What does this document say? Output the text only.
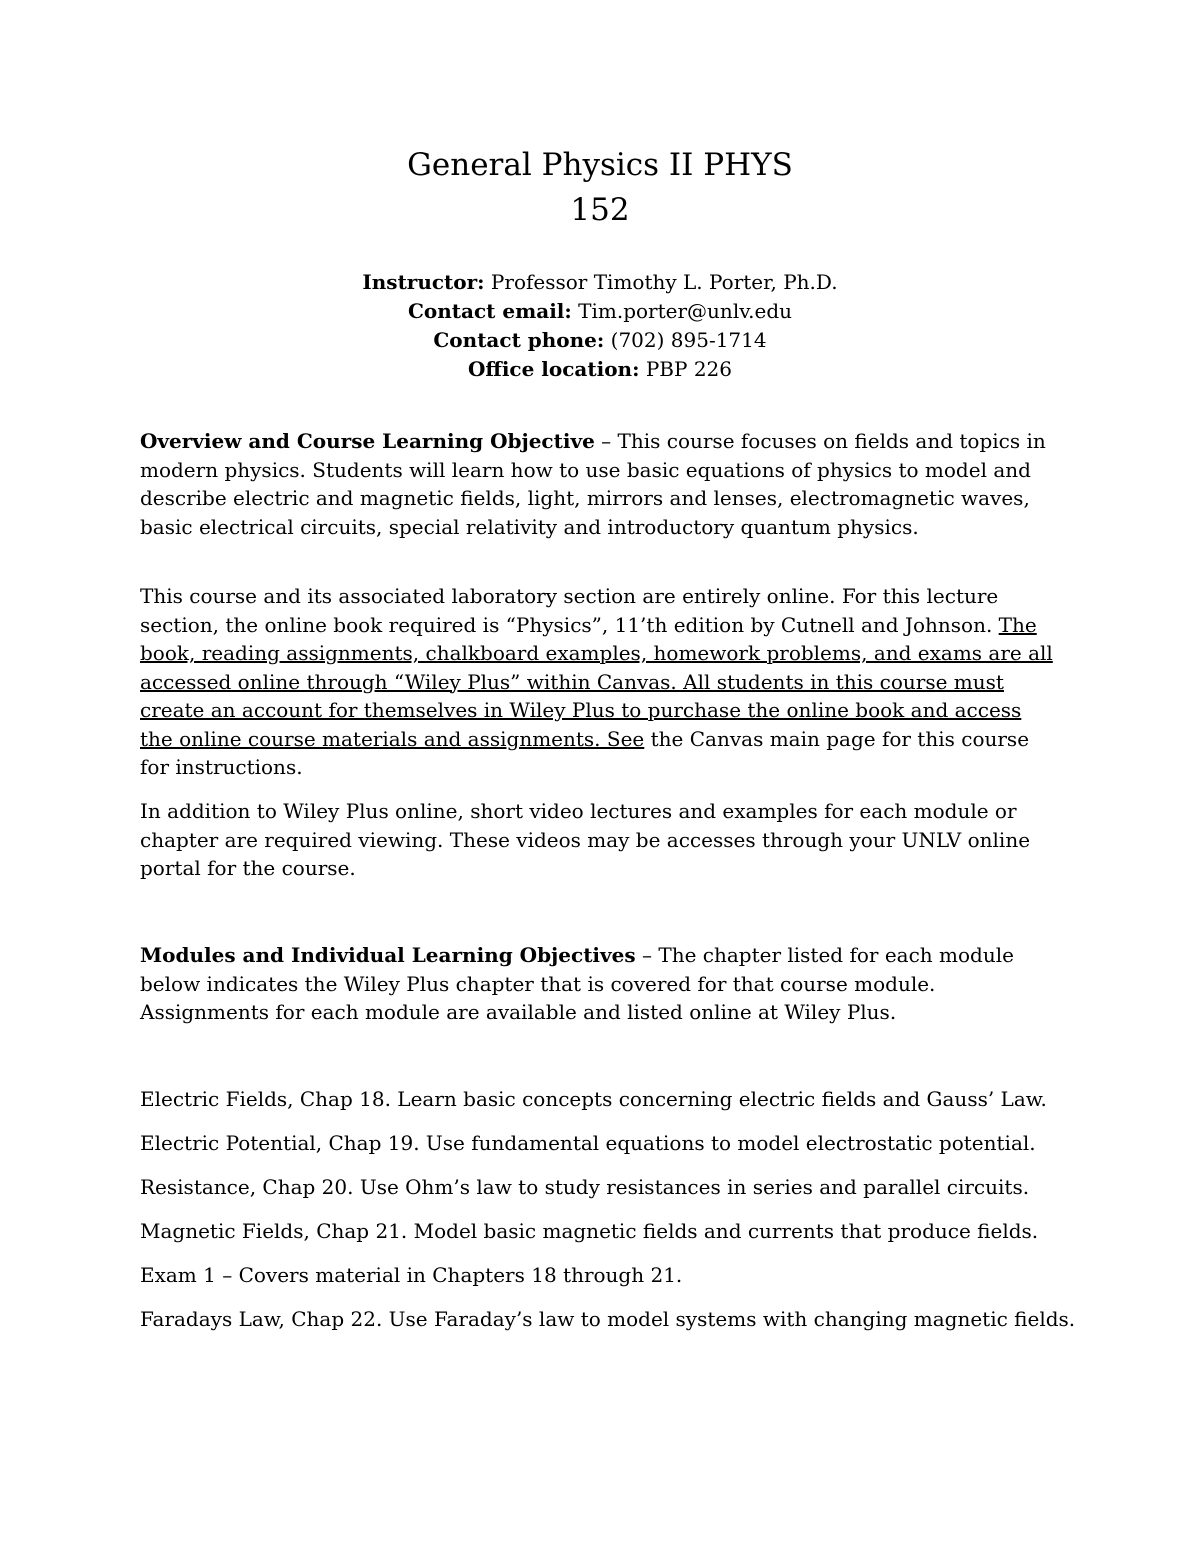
General Physics II PHYS
152
Instructor: Professor Timothy L. Porter, Ph.D.
Contact email: Tim.porter@unlv.edu
Contact phone: (702) 895-1714
Office location: PBP 226

Overview and Course Learning Objective – This course focuses on fields and topics in modern physics. Students will learn how to use basic equations of physics to model and describe electric and magnetic fields, light, mirrors and lenses, electromagnetic waves, basic electrical circuits, special relativity and introductory quantum physics.

This course and its associated laboratory section are entirely online. For this lecture section, the online book required is “Physics”, 11’th edition by Cutnell and Johnson. The book, reading assignments, chalkboard examples, homework problems, and exams are all accessed online through “Wiley Plus” within Canvas. All students in this course must create an account for themselves in Wiley Plus to purchase the online book and access the online course materials and assignments. See the Canvas main page for this course for instructions.

In addition to Wiley Plus online, short video lectures and examples for each module or chapter are required viewing. These videos may be accesses through your UNLV online portal for the course.

Modules and Individual Learning Objectives – The chapter listed for each module below indicates the Wiley Plus chapter that is covered for that course module. Assignments for each module are available and listed online at Wiley Plus.

Electric Fields, Chap 18. Learn basic concepts concerning electric fields and Gauss’ Law.

Electric Potential, Chap 19. Use fundamental equations to model electrostatic potential.

Resistance, Chap 20. Use Ohm’s law to study resistances in series and parallel circuits.

Magnetic Fields, Chap 21. Model basic magnetic fields and currents that produce fields.

Exam 1 – Covers material in Chapters 18 through 21.

Faradays Law, Chap 22. Use Faraday’s law to model systems with changing magnetic fields.
